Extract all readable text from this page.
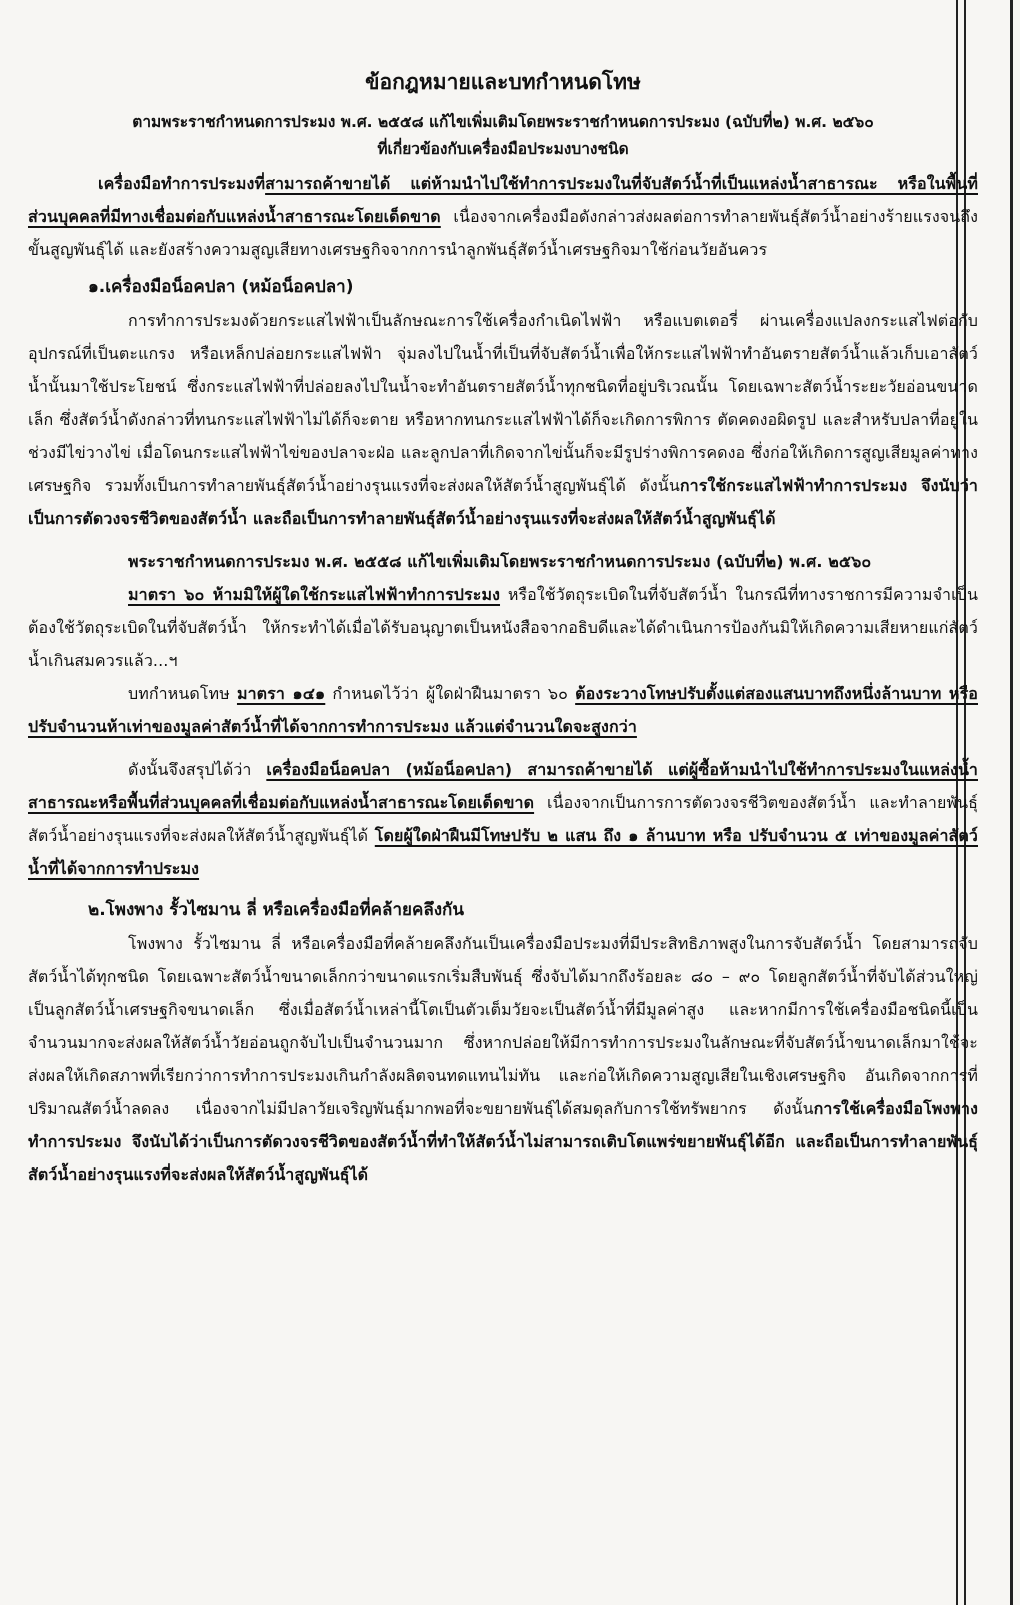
ข้อกฎหมายและบทกำหนดโทษ

ตามพระราชกำหนดการประมง พ.ศ. ๒๕๕๘ แก้ไขเพิ่มเติมโดยพระราชกำหนดการประมง (ฉบับที่๒) พ.ศ. ๒๕๖๐

ที่เกี่ยวข้องกับเครื่องมือประมงบางชนิด

เครื่องมือทำการประมงที่สามารถค้าขายได้ แต่ห้ามนำไปใช้ทำการประมงในที่จับสัตว์น้ำที่เป็นแหล่งน้ำสาธารณะ หรือในพื้นที่ส่วนบุคคลที่มีทางเชื่อมต่อกับแหล่งน้ำสาธารณะโดยเด็ดขาด เนื่องจากเครื่องมือดังกล่าวส่งผลต่อการทำลายพันธุ์สัตว์น้ำอย่างร้ายแรงจนถึงขั้นสูญพันธุ์ได้ และยังสร้างความสูญเสียทางเศรษฐกิจจากการนำลูกพันธุ์สัตว์น้ำเศรษฐกิจมาใช้ก่อนวัยอันควร

๑.เครื่องมือน็อคปลา (หม้อน็อคปลา)

การทำการประมงด้วยกระแสไฟฟ้าเป็นลักษณะการใช้เครื่องกำเนิดไฟฟ้า หรือแบตเตอรี่ ผ่านเครื่องแปลงกระแสไฟต่อกับอุปกรณ์ที่เป็นตะแกรง หรือเหล็กปล่อยกระแสไฟฟ้า จุ่มลงไปในน้ำที่เป็นที่จับสัตว์น้ำเพื่อให้กระแสไฟฟ้าทำอันตรายสัตว์น้ำแล้วเก็บเอาสัตว์น้ำนั้นมาใช้ประโยชน์ ซึ่งกระแสไฟฟ้าที่ปล่อยลงไปในน้ำจะทำอันตรายสัตว์น้ำทุกชนิดที่อยู่บริเวณนั้น โดยเฉพาะสัตว์น้ำระยะวัยอ่อนขนาดเล็ก ซึ่งสัตว์น้ำดังกล่าวที่ทนกระแสไฟฟ้าไม่ได้ก็จะตาย หรือหากทนกระแสไฟฟ้าได้ก็จะเกิดการพิการ ตัดคดงอผิดรูป และสำหรับปลาที่อยู่ในช่วงมีไข่วางไข่ เมื่อโดนกระแสไฟฟ้าไข่ของปลาจะฝ่อ และลูกปลาที่เกิดจากไข่นั้นก็จะมีรูปร่างพิการคดงอ ซึ่งก่อให้เกิดการสูญเสียมูลค่าทางเศรษฐกิจ รวมทั้งเป็นการทำลายพันธุ์สัตว์น้ำอย่างรุนแรงที่จะส่งผลให้สัตว์น้ำสูญพันธุ์ได้ ดังนั้นการใช้กระแสไฟฟ้าทำการประมง จึงนับว่าเป็นการตัดวงจรชีวิตของสัตว์น้ำ และถือเป็นการทำลายพันธุ์สัตว์น้ำอย่างรุนแรงที่จะส่งผลให้สัตว์น้ำสูญพันธุ์ได้

พระราชกำหนดการประมง พ.ศ. ๒๕๕๘ แก้ไขเพิ่มเติมโดยพระราชกำหนดการประมง (ฉบับที่๒) พ.ศ. ๒๕๖๐

มาตรา ๖๐ ห้ามมิให้ผู้ใดใช้กระแสไฟฟ้าทำการประมง หรือใช้วัตถุระเบิดในที่จับสัตว์น้ำ ในกรณีที่ทางราชการมีความจำเป็นต้องใช้วัตถุระเบิดในที่จับสัตว์น้ำ ให้กระทำได้เมื่อได้รับอนุญาตเป็นหนังสือจากอธิบดีและได้ดำเนินการป้องกันมิให้เกิดความเสียหายแก่สัตว์น้ำเกินสมควรแล้ว...ฯ

บทกำหนดโทษ มาตรา ๑๔๑ กำหนดไว้ว่า ผู้ใดฝ่าฝืนมาตรา ๖๐ ต้องระวางโทษปรับตั้งแต่สองแสนบาทถึงหนึ่งล้านบาท หรือปรับจำนวนห้าเท่าของมูลค่าสัตว์น้ำที่ได้จากการทำการประมง แล้วแต่จำนวนใดจะสูงกว่า

ดังนั้นจึงสรุปได้ว่า เครื่องมือน็อคปลา (หม้อน็อคปลา) สามารถค้าขายได้ แต่ผู้ซื้อห้ามนำไปใช้ทำการประมงในแหล่งน้ำสาธารณะหรือพื้นที่ส่วนบุคคลที่เชื่อมต่อกับแหล่งน้ำสาธารณะโดยเด็ดขาด เนื่องจากเป็นการการตัดวงจรชีวิตของสัตว์น้ำ และทำลายพันธุ์สัตว์น้ำอย่างรุนแรงที่จะส่งผลให้สัตว์น้ำสูญพันธุ์ได้ โดยผู้ใดฝ่าฝืนมีโทษปรับ ๒ แสน ถึง ๑ ล้านบาท หรือ ปรับจำนวน ๕ เท่าของมูลค่าสัตว์น้ำที่ได้จากการทำประมง

๒.โพงพาง รั้วไซมาน ลี่ หรือเครื่องมือที่คล้ายคลึงกัน

โพงพาง รั้วไซมาน ลี่ หรือเครื่องมือที่คล้ายคลึงกันเป็นเครื่องมือประมงที่มีประสิทธิภาพสูงในการจับสัตว์น้ำ โดยสามารถจับสัตว์น้ำได้ทุกชนิด โดยเฉพาะสัตว์น้ำขนาดเล็กกว่าขนาดแรกเริ่มสืบพันธุ์ ซึ่งจับได้มากถึงร้อยละ ๘๐ – ๙๐ โดยลูกสัตว์น้ำที่จับได้ส่วนใหญ่เป็นลูกสัตว์น้ำเศรษฐกิจขนาดเล็ก ซึ่งเมื่อสัตว์น้ำเหล่านี้โตเป็นตัวเต็มวัยจะเป็นสัตว์น้ำที่มีมูลค่าสูง และหากมีการใช้เครื่องมือชนิดนี้เป็นจำนวนมากจะส่งผลให้สัตว์น้ำวัยอ่อนถูกจับไปเป็นจำนวนมาก ซึ่งหากปล่อยให้มีการทำการประมงในลักษณะที่จับสัตว์น้ำขนาดเล็กมาใช้จะส่งผลให้เกิดสภาพที่เรียกว่าการทำการประมงเกินกำลังผลิตจนทดแทนไม่ทัน และก่อให้เกิดความสูญเสียในเชิงเศรษฐกิจ อันเกิดจากการที่ปริมาณสัตว์น้ำลดลง เนื่องจากไม่มีปลาวัยเจริญพันธุ์มากพอที่จะขยายพันธุ์ได้สมดุลกับการใช้ทรัพยากร ดังนั้นการใช้เครื่องมือโพงพางทำการประมง จึงนับได้ว่าเป็นการตัดวงจรชีวิตของสัตว์น้ำที่ทำให้สัตว์น้ำไม่สามารถเติบโตแพร่ขยายพันธุ์ได้อีก และถือเป็นการทำลายพันธุ์สัตว์น้ำอย่างรุนแรงที่จะส่งผลให้สัตว์น้ำสูญพันธุ์ได้
